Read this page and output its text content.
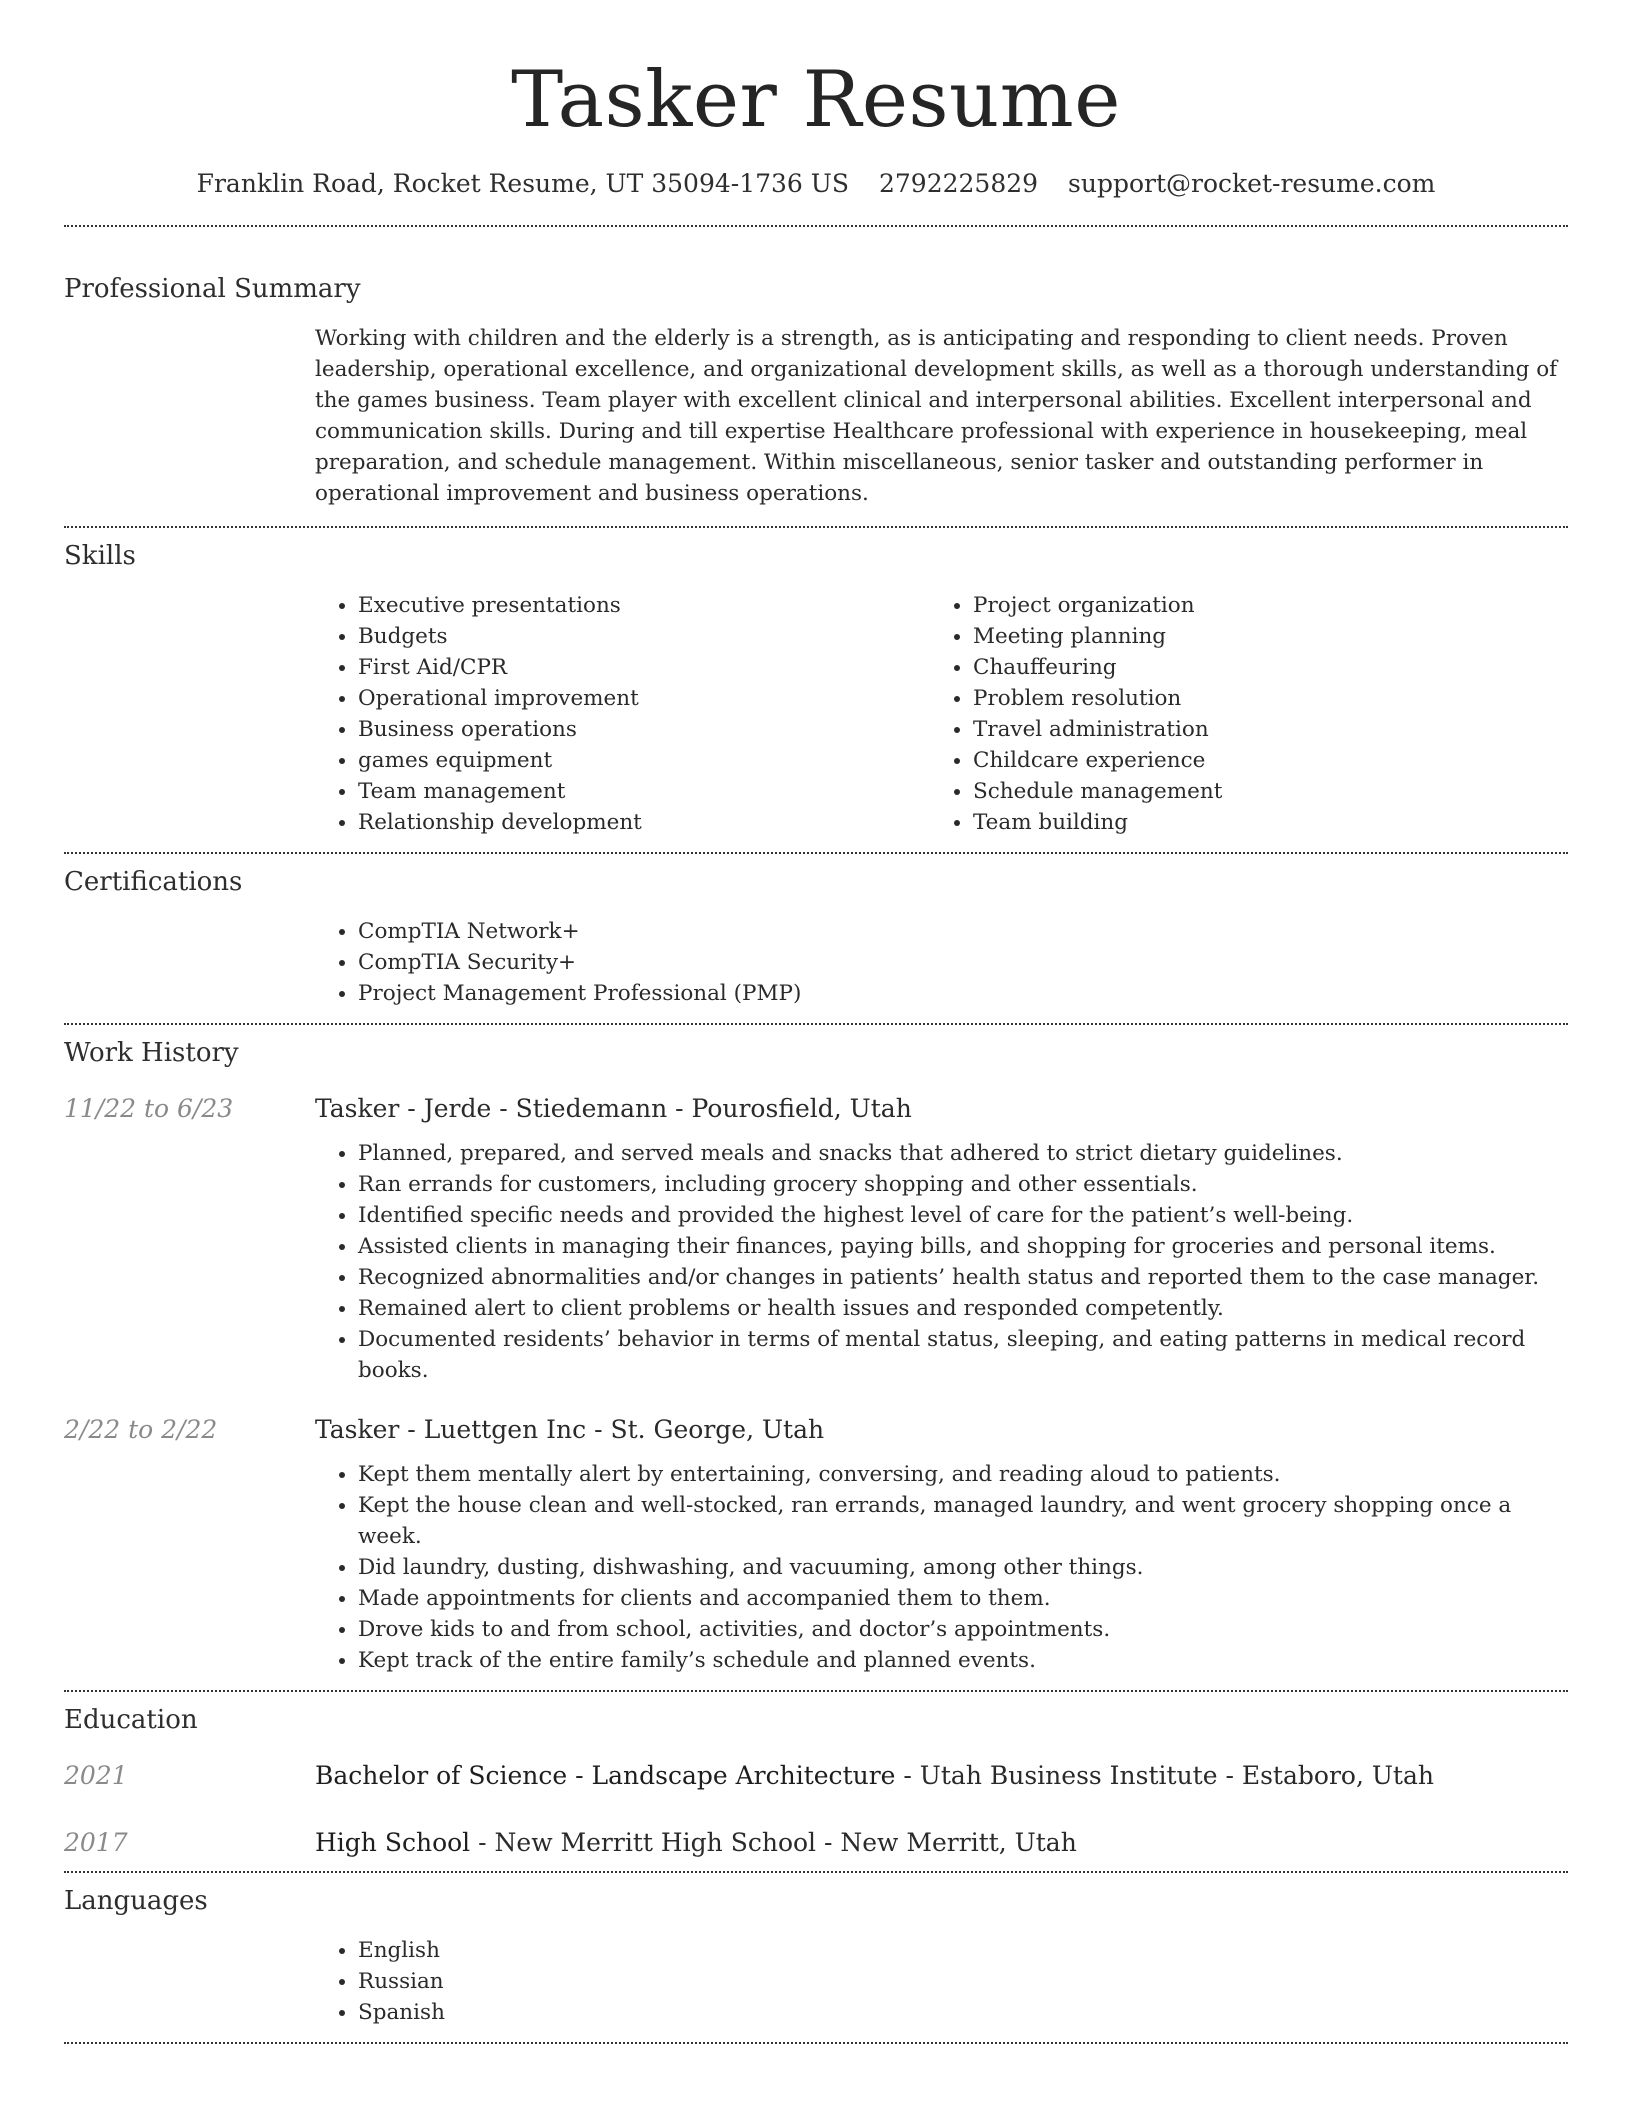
Tasker Resume
Franklin Road, Rocket Resume, UT 35094-1736 US 2792225829 support@rocket-resume.com
Professional Summary
Working with children and the elderly is a strength, as is anticipating and responding to client needs. Proven leadership, operational excellence, and organizational development skills, as well as a thorough understanding of the games business. Team player with excellent clinical and interpersonal abilities. Excellent interpersonal and communication skills. During and till expertise Healthcare professional with experience in housekeeping, meal preparation, and schedule management. Within miscellaneous, senior tasker and outstanding performer in operational improvement and business operations.
Skills
• Executive presentations
• Budgets
• First Aid/CPR
• Operational improvement
• Business operations
• games equipment
• Team management
• Relationship development
• Project organization
• Meeting planning
• Chauffeuring
• Problem resolution
• Travel administration
• Childcare experience
• Schedule management
• Team building
Certifications
• CompTIA Network+
• CompTIA Security+
• Project Management Professional (PMP)
Work History
11/22 to 6/23	Tasker - Jerde - Stiedemann - Pourosfield, Utah
• Planned, prepared, and served meals and snacks that adhered to strict dietary guidelines.
• Ran errands for customers, including grocery shopping and other essentials.
• Identified specific needs and provided the highest level of care for the patient’s well-being.
• Assisted clients in managing their finances, paying bills, and shopping for groceries and personal items.
• Recognized abnormalities and/or changes in patients’ health status and reported them to the case manager.
• Remained alert to client problems or health issues and responded competently.
• Documented residents’ behavior in terms of mental status, sleeping, and eating patterns in medical record books.
2/22 to 2/22	Tasker - Luettgen Inc - St. George, Utah
• Kept them mentally alert by entertaining, conversing, and reading aloud to patients.
• Kept the house clean and well-stocked, ran errands, managed laundry, and went grocery shopping once a week.
• Did laundry, dusting, dishwashing, and vacuuming, among other things.
• Made appointments for clients and accompanied them to them.
• Drove kids to and from school, activities, and doctor’s appointments.
• Kept track of the entire family’s schedule and planned events.
Education
2021	Bachelor of Science - Landscape Architecture - Utah Business Institute - Estaboro, Utah
2017	High School - New Merritt High School - New Merritt, Utah
Languages
• English
• Russian
• Spanish
